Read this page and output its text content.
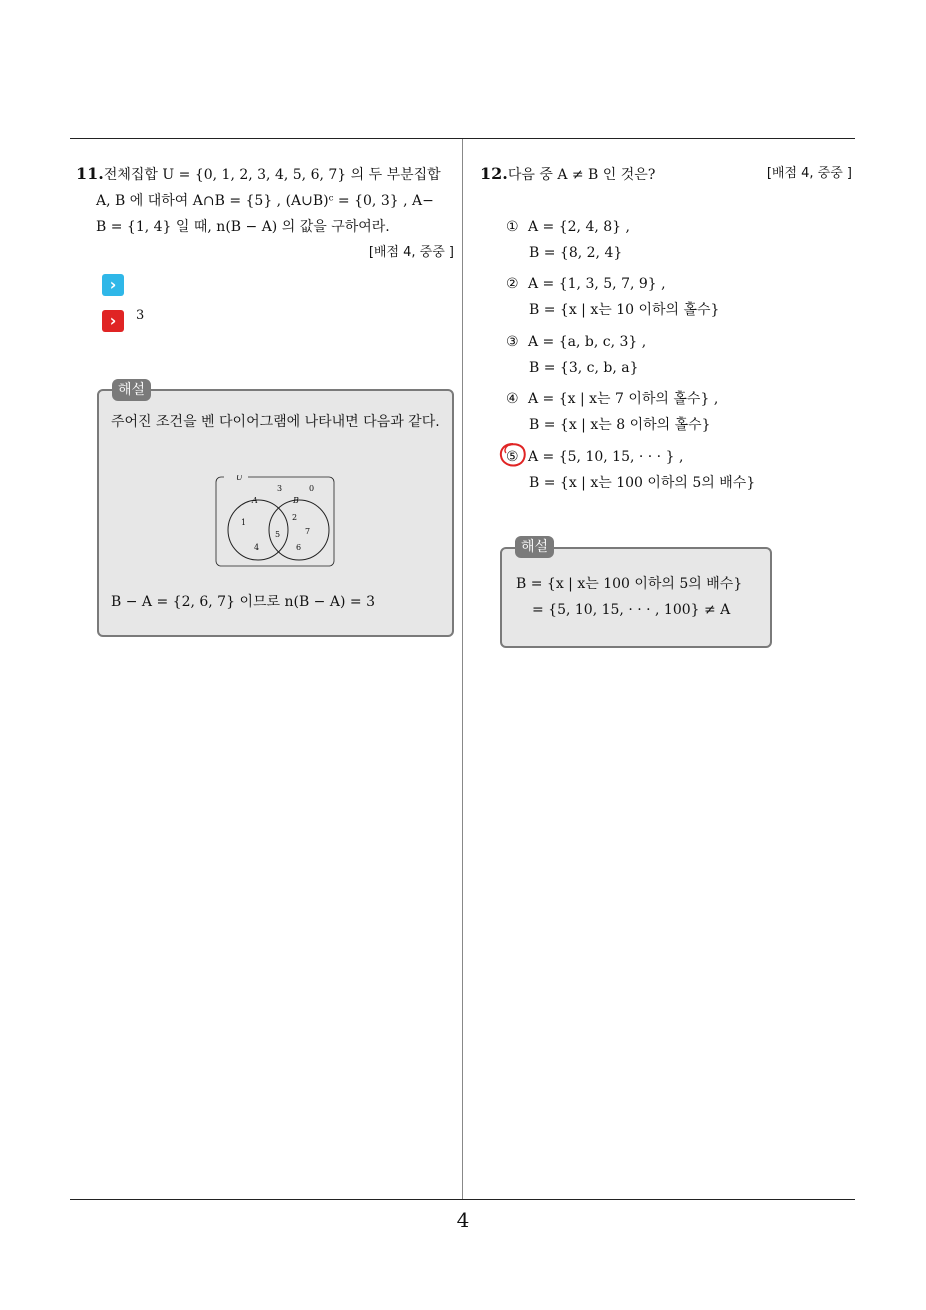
11.전체집합 U = {0, 1, 2, 3, 4, 5, 6, 7} 의 두 부분집합
A, B 에 대하여 A∩B = {5} , (A∪B)ᶜ = {0, 3} , A−
B = {1, 4} 일 때, n(B − A) 의 값을 구하여라.
[배점 4, 중중 ]
›
›	3
주어진 조건을 벤 다이어그램에 나타내면 다음과 같다.
U
A	B
3	0
1
4
5
2
7
6
B − A = {2, 6, 7} 이므로 n(B − A) = 3
해설
12.다음 중 A ≠ B 인 것은?	[배점 4, 중중 ]
① A = {2, 4, 8} ,
B = {8, 2, 4}
② A = {1, 3, 5, 7, 9} ,
B = {x | x는 10 이하의 홀수}
③ A = {a, b, c, 3} ,
B = {3, c, b, a}
④ A = {x | x는 7 이하의 홀수} ,
B = {x | x는 8 이하의 홀수}
⑤ A = {5, 10, 15, · · · } ,
B = {x | x는 100 이하의 5의 배수}
B = {x | x는 100 이하의 5의 배수}
= {5, 10, 15, · · · , 100} ≠ A
해설
4
